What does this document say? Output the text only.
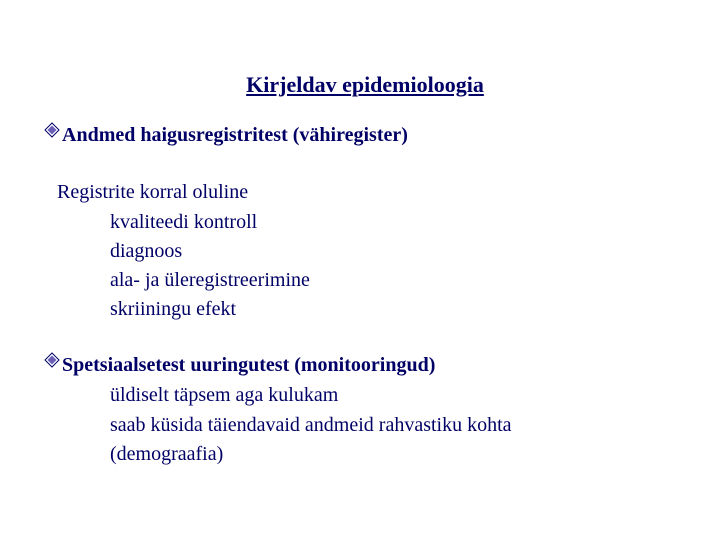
Kirjeldav epidemioloogia
Andmed haigusregistritest (vähiregister)
Registrite korral oluline
kvaliteedi kontroll
diagnoos
ala- ja üleregistreerimine
skriiningu efekt
Spetsiaalsetest uuringutest (monitooringud)
üldiselt täpsem aga kulukam
saab küsida täiendavaid andmeid rahvastiku kohta
(demograafia)
